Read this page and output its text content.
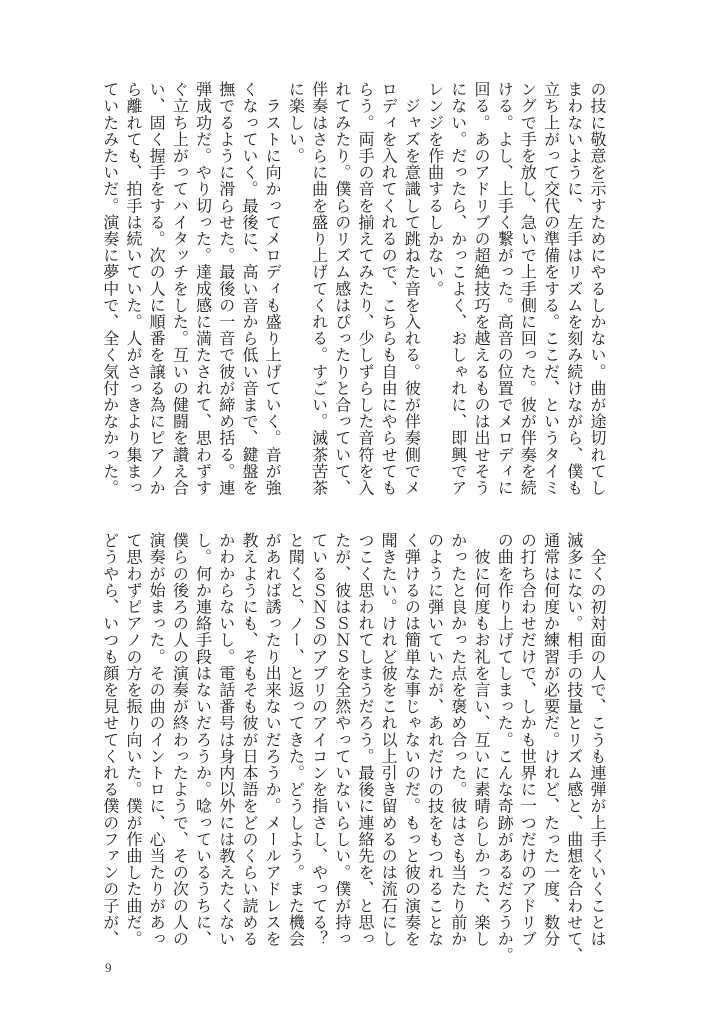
の技に敬意を示すためにやるしかない。曲が途切れてし
まわないように、左手はリズムを刻み続けながら、僕も
立ち上がって交代の準備をする。ここだ、というタイミ
ングで手を放し、急いで上手側に回った。彼が伴奏を続
ける。よし、上手く繋がった。高音の位置でメロディに
回る。あのアドリブの超絶技巧を越えるものは出せそう
にない。だったら、かっこよく、おしゃれに、即興でア
レンジを作曲するしかない。
　ジャズを意識して跳ねた音を入れる。彼が伴奏側でメ
ロディを入れてくれるので、こちらも自由にやらせても
らう。両手の音を揃えてみたり、少しずらした音符を入
れてみたり。僕らのリズム感はぴったりと合っていて、
伴奏はさらに曲を盛り上げてくれる。すごい。滅茶苦茶
に楽しい。
　ラストに向かってメロディも盛り上げていく。音が強
くなっていく。最後に、高い音から低い音まで、鍵盤を
撫でるように滑らせた。最後の一音で彼が締め括る。連
弾成功だ。やり切った。達成感に満たされて、思わずす
ぐ立ち上がってハイタッチをした。互いの健闘を讃え合
い、固く握手をする。次の人に順番を譲る為にピアノか
ら離れても、拍手は続いていた。人がさっきより集まっ
ていたみたいだ。演奏に夢中で、全く気付かなかった。
　全くの初対面の人で、こうも連弾が上手くいくことは
滅多にない。相手の技量とリズム感と、曲想を合わせて、
通常は何度か練習が必要だ。けれど、たった一度、数分
の打ち合わせだけで、しかも世界に一つだけのアドリブ
の曲を作り上げてしまった。こんな奇跡があるだろうか。
　彼に何度もお礼を言い、互いに素晴らしかった、楽し
かったと良かった点を褒め合った。彼はさも当たり前か
のように弾いていたが、あれだけの技をもつれることな
く弾けるのは簡単な事じゃないのだ。もっと彼の演奏を
聞きたい。けれど彼をこれ以上引き留めるのは流石にし
つこく思われてしまうだろう。最後に連絡先を、と思っ
たが、彼はＳＮＳを全然やっていないらしい。僕が持っ
ているＳＮＳのアプリのアイコンを指さし、やってる？
と聞くと、ノー、と返ってきた。どうしよう。また機会
があれば誘ったり出来ないだろうか。メールアドレスを
教えようにも、そもそも彼が日本語をどのくらい読める
かわからないし。電話番号は身内以外には教えたくない
し。何か連絡手段はないだろうか。唸っているうちに、
僕らの後ろの人の演奏が終わったようで、その次の人の
演奏が始まった。その曲のイントロに、心当たりがあっ
て思わずピアノの方を振り向いた。僕が作曲した曲だ。
どうやら、いつも顔を見せてくれる僕のファンの子が、
9
